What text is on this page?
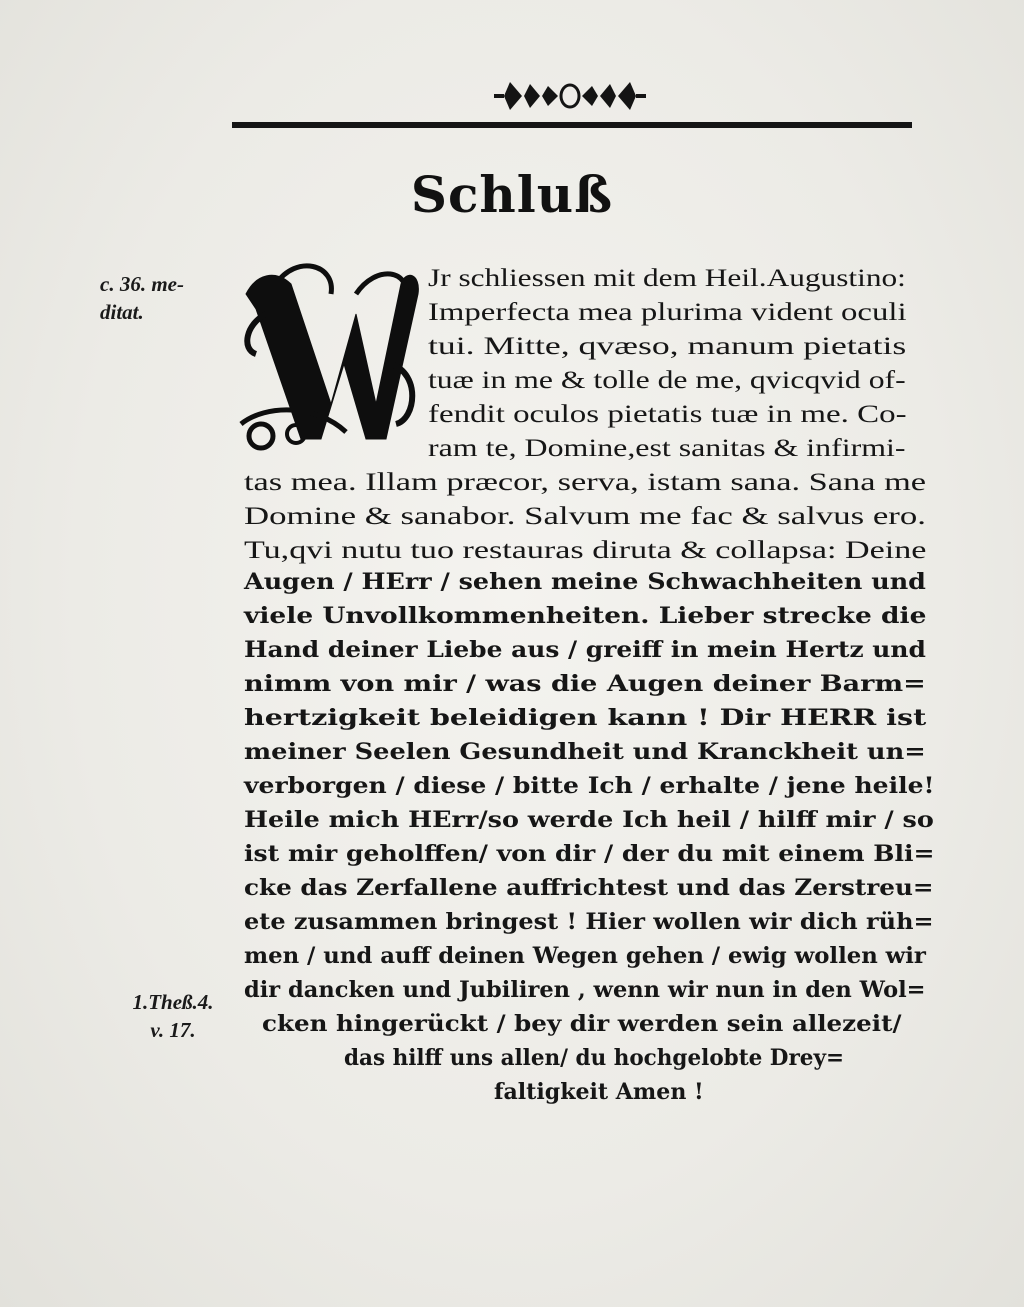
Schluß
c. 36. me-
ditat.
1.Theß.4.
v. 17.
Jr schliessen mit dem Heil.Augustino:
Imperfecta mea plurima vident oculi
tui. Mitte, qvæso, manum pietatis
tuæ in me & tolle de me, qvicqvid of-
fendit oculos pietatis tuæ in me. Co-
ram te, Domine,est sanitas & infirmi-
tas mea. Illam præcor, serva, istam sana. Sana me
Domine & sanabor. Salvum me fac & salvus ero.
Tu,qvi nutu tuo restauras diruta & collapsa: Deine
Augen / HErr / sehen meine Schwachheiten und
viele Unvollkommenheiten. Lieber strecke die
Hand deiner Liebe aus / greiff in mein Hertz und
nimm von mir / was die Augen deiner Barm=
hertzigkeit beleidigen kann ! Dir HERR ist
meiner Seelen Gesundheit und Kranckheit un=
verborgen / diese / bitte Ich / erhalte / jene heile!
Heile mich HErr/so werde Ich heil / hilff mir / so
ist mir geholffen/ von dir / der du mit einem Bli=
cke das Zerfallene auffrichtest und das Zerstreu=
ete zusammen bringest ! Hier wollen wir dich rüh=
men / und auff deinen Wegen gehen / ewig wollen wir
dir dancken und Jubiliren , wenn wir nun in den Wol=
cken hingerückt / bey dir werden sein allezeit/
das hilff uns allen/ du hochgelobte Drey=
faltigkeit Amen !
